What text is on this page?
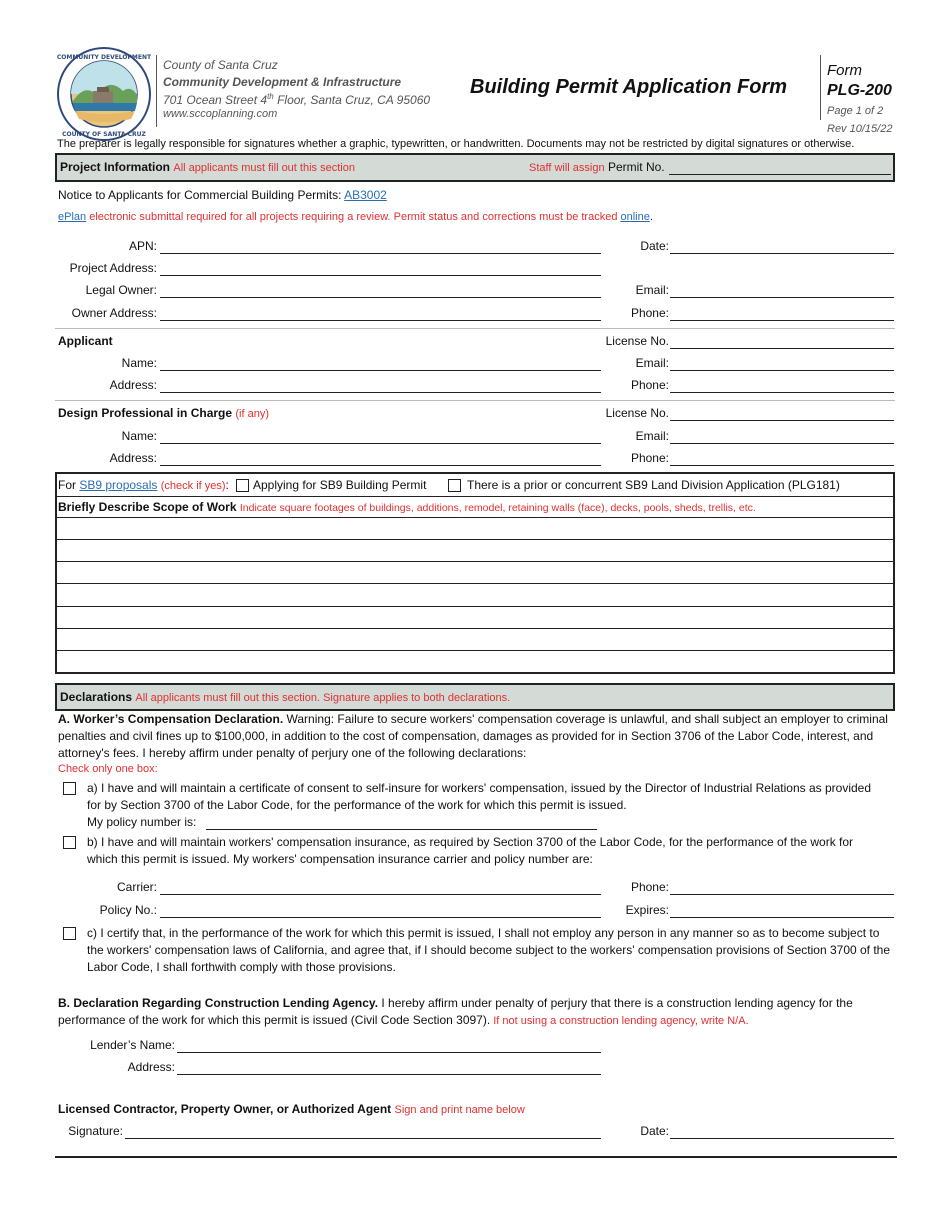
COMMUNITY DEVELOPMENT
COUNTY OF SANTA CRUZ
County of Santa Cruz
Community Development & Infrastructure
701 Ocean Street 4th Floor, Santa Cruz, CA 95060
www.sccoplanning.com
Building Permit Application Form
Form
PLG-200
Page 1 of 2
Rev 10/15/22
The preparer is legally responsible for signatures whether a graphic, typewritten, or handwritten. Documents may not be restricted by digital signatures or otherwise.
Project Information All applicants must fill out this section	Staff will assign Permit No.
Notice to Applicants for Commercial Building Permits: AB3002
ePlan electronic submittal required for all projects requiring a review. Permit status and corrections must be tracked online.
APN:	Date:
Project Address:
Legal Owner:	Email:
Owner Address:	Phone:
Applicant	License No.
Name:	Email:
Address:	Phone:
Design Professional in Charge (if any)	License No.
Name:	Email:
Address:	Phone:
For SB9 proposals (check if yes): Applying for SB9 Building Permit	There is a prior or concurrent SB9 Land Division Application (PLG181)
Briefly Describe Scope of Work Indicate square footages of buildings, additions, remodel, retaining walls (face), decks, pools, sheds, trellis, etc.
Declarations All applicants must fill out this section. Signature applies to both declarations.
A. Worker’s Compensation Declaration. Warning: Failure to secure workers' compensation coverage is unlawful, and shall subject an employer to criminal penalties and civil fines up to $100,000, in addition to the cost of compensation, damages as provided for in Section 3706 of the Labor Code, interest, and attorney's fees. I hereby affirm under penalty of perjury one of the following declarations:
Check only one box:
a) I have and will maintain a certificate of consent to self-insure for workers' compensation, issued by the Director of Industrial Relations as provided for by Section 3700 of the Labor Code, for the performance of the work for which this permit is issued.
My policy number is:
b) I have and will maintain workers' compensation insurance, as required by Section 3700 of the Labor Code, for the performance of the work for which this permit is issued. My workers' compensation insurance carrier and policy number are:
Carrier:	Phone:
Policy No.:	Expires:
c) I certify that, in the performance of the work for which this permit is issued, I shall not employ any person in any manner so as to become subject to the workers' compensation laws of California, and agree that, if I should become subject to the workers' compensation provisions of Section 3700 of the Labor Code, I shall forthwith comply with those provisions.
B. Declaration Regarding Construction Lending Agency. I hereby affirm under penalty of perjury that there is a construction lending agency for the performance of the work for which this permit is issued (Civil Code Section 3097). If not using a construction lending agency, write N/A.
Lender’s Name:
Address:
Licensed Contractor, Property Owner, or Authorized Agent Sign and print name below
Signature:	Date:
